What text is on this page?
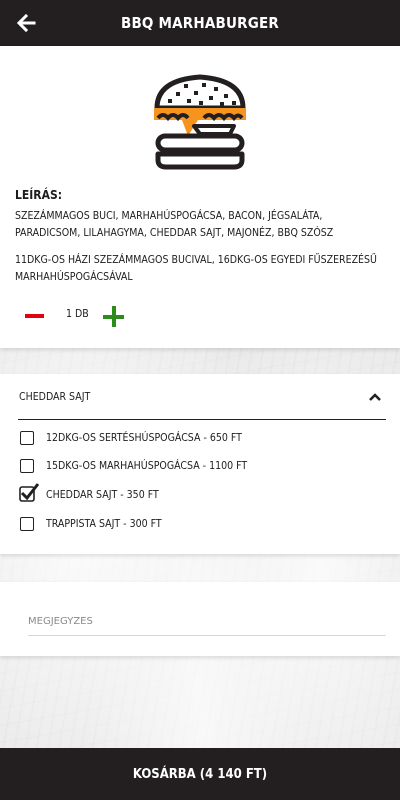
BBQ MARHABURGER
LEÍRÁS:
SZEZÁMMAGOS BUCI, MARHAHÚSPOGÁCSA, BACON, JÉGSALÁTA, PARADICSOM, LILAHAGYMA, CHEDDAR SAJT, MAJONÉZ, BBQ SZÓSZ
11DKG-OS HÁZI SZEZÁMMAGOS BUCIVAL, 16DKG-OS EGYEDI FŰSZEREZÉSŰ MARHAHÚSPOGÁCSÁVAL
1 DB
CHEDDAR SAJT
12DKG-OS SERTÉSHÚSPOGÁCSA - 650 FT
15DKG-OS MARHAHÚSPOGÁCSA - 1100 FT
CHEDDAR SAJT - 350 FT
TRAPPISTA SAJT - 300 FT
MEGJEGYZÉS
KOSÁRBA (4 140 FT)
